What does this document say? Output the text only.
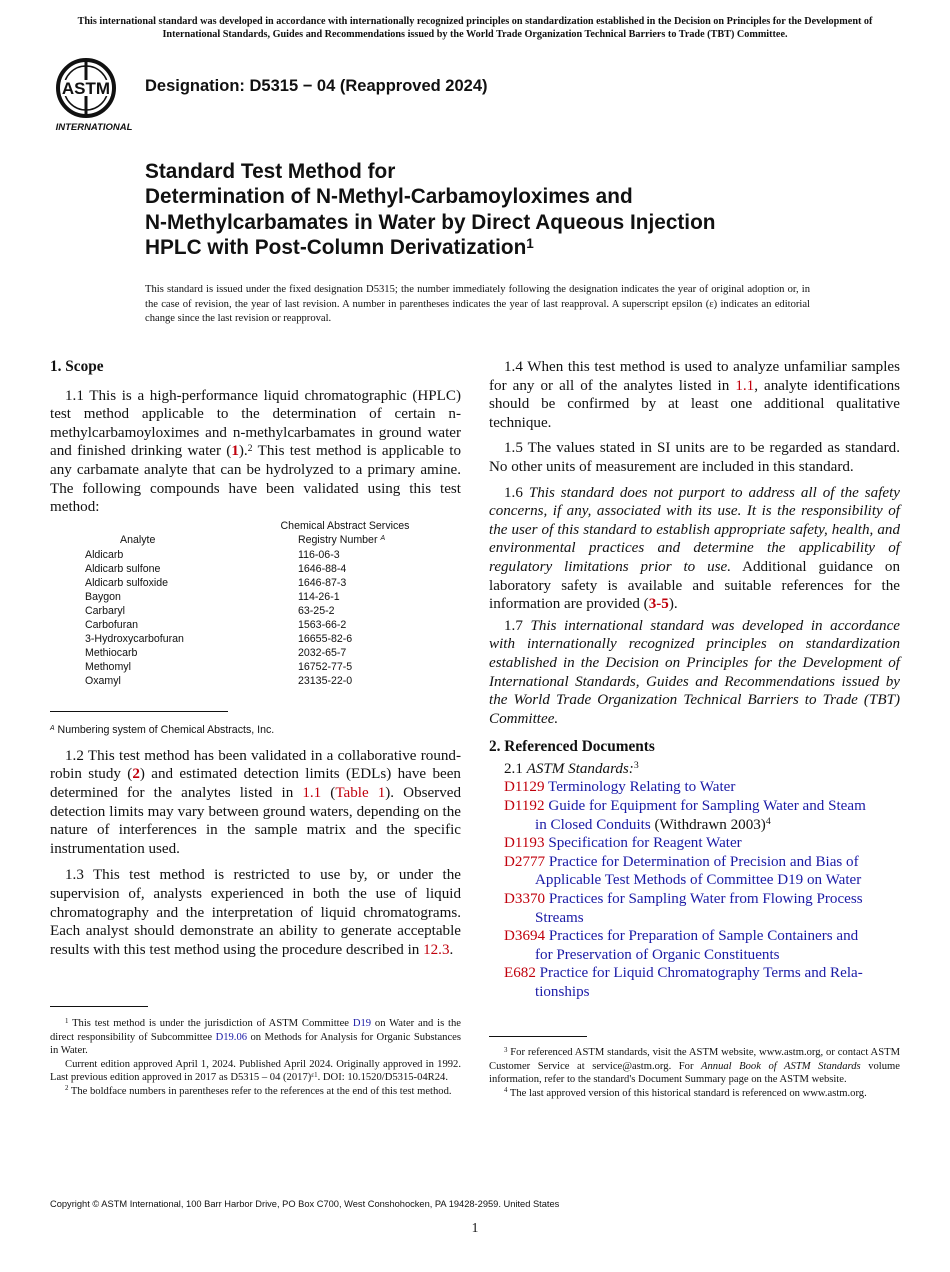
This international standard was developed in accordance with internationally recognized principles on standardization established in the Decision on Principles for the Development of International Standards, Guides and Recommendations issued by the World Trade Organization Technical Barriers to Trade (TBT) Committee.
ASTM
INTERNATIONAL
Designation: D5315 − 04 (Reapproved 2024)
Standard Test Method for
Determination of N-Methyl-Carbamoyloximes and
N-Methylcarbamates in Water by Direct Aqueous Injection
HPLC with Post-Column Derivatization$^1$
This standard is issued under the fixed designation D5315; the number immediately following the designation indicates the year of original adoption or, in the case of revision, the year of last revision. A number in parentheses indicates the year of last reapproval. A superscript epsilon (ε) indicates an editorial change since the last revision or reapproval.
1. Scope

1.1 This is a high-performance liquid chromatographic (HPLC) test method applicable to the determination of certain n-methylcarbamoyloximes and n-methylcarbamates in ground water and finished drinking water (1).$^2$ This test method is applicable to any carbamate analyte that can be hydrolyzed to a primary amine. The following compounds have been validated using this test method:

Chemical Abstract Services
Analyte	Registry Number $^A$
Aldicarb	116-06-3
Aldicarb sulfone	1646-88-4
Aldicarb sulfoxide	1646-87-3
Baygon	114-26-1
Carbaryl	63-25-2
Carbofuran	1563-66-2
3-Hydroxycarbofuran	16655-82-6
Methiocarb	2032-65-7
Methomyl	16752-77-5
Oxamyl	23135-22-0
$^A$ Numbering system of Chemical Abstracts, Inc.

1.2 This test method has been validated in a collaborative round-robin study (2) and estimated detection limits (EDLs) have been determined for the analytes listed in 1.1 (Table 1). Observed detection limits may vary between ground waters, depending on the nature of interferences in the sample matrix and the specific instrumentation used.

1.3 This test method is restricted to use by, or under the supervision of, analysts experienced in both the use of liquid chromatography and the interpretation of liquid chromatograms. Each analyst should demonstrate an ability to generate acceptable results with this test method using the procedure described in 12.3.

$^1$ This test method is under the jurisdiction of ASTM Committee D19 on Water and is the direct responsibility of Subcommittee D19.06 on Methods for Analysis for Organic Substances in Water.
Current edition approved April 1, 2024. Published April 2024. Originally approved in 1992. Last previous edition approved in 2017 as D5315 – 04 $(2017)^{\varepsilon 1}$. DOI: 10.1520/D5315-04R24.
$^2$ The boldface numbers in parentheses refer to the references at the end of this test method.

1.4 When this test method is used to analyze unfamiliar samples for any or all of the analytes listed in 1.1, analyte identifications should be confirmed by at least one additional qualitative technique.

1.5 The values stated in SI units are to be regarded as standard. No other units of measurement are included in this standard.

1.6 This standard does not purport to address all of the safety concerns, if any, associated with its use. It is the responsibility of the user of this standard to establish appropriate safety, health, and environmental practices and determine the applicability of regulatory limitations prior to use. Additional guidance on laboratory safety is available and suitable references for the information are provided (3-5).

1.7 This international standard was developed in accordance with internationally recognized principles on standardization established in the Decision on Principles for the Development of International Standards, Guides and Recommendations issued by the World Trade Organization Technical Barriers to Trade (TBT) Committee.

2. Referenced Documents
2.1 ASTM Standards:$^3$
D1129 Terminology Relating to Water
D1192 Guide for Equipment for Sampling Water and Steam
in Closed Conduits (Withdrawn 2003)$^4$
D1193 Specification for Reagent Water
D2777 Practice for Determination of Precision and Bias of
Applicable Test Methods of Committee D19 on Water
D3370 Practices for Sampling Water from Flowing Process
Streams
D3694 Practices for Preparation of Sample Containers and
for Preservation of Organic Constituents
E682 Practice for Liquid Chromatography Terms and Rela-
tionships
$^3$ For referenced ASTM standards, visit the ASTM website, www.astm.org, or contact ASTM Customer Service at service@astm.org. For Annual Book of ASTM Standards volume information, refer to the standard's Document Summary page on the ASTM website.
$^4$ The last approved version of this historical standard is referenced on www.astm.org.
Copyright © ASTM International, 100 Barr Harbor Drive, PO Box C700, West Conshohocken, PA 19428-2959. United States
1
